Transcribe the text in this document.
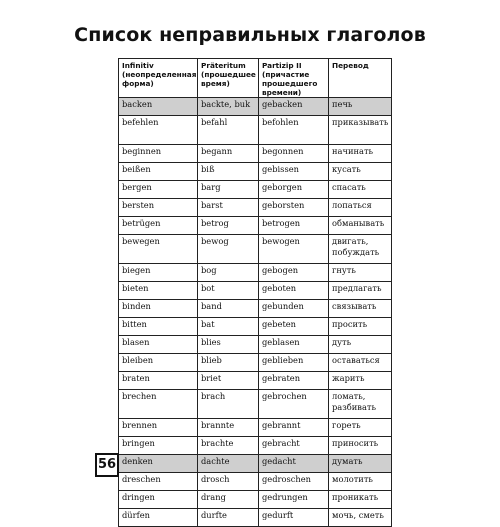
Список неправильных глаголов
Infinitiv (неопределенная форма)	Präteritum (прошедшее время)	Partizip II (причастие прошедшего времени)	Перевод
backen	backte, buk	gebacken	печь
befehlen	befahl	befohlen	приказывать
beginnen	begann	begonnen	начинать
beißen	biß	gebissen	кусать
bergen	barg	geborgen	спасать
bersten	barst	geborsten	лопаться
betrügen	betrog	betrogen	обманывать
bewegen	bewog	bewogen	двигать, побуждать
biegen	bog	gebogen	гнуть
bieten	bot	geboten	предлагать
binden	band	gebunden	связывать
bitten	bat	gebeten	просить
blasen	blies	geblasen	дуть
bleiben	blieb	geblieben	оставаться
braten	briet	gebraten	жарить
brechen	brach	gebrochen	ломать, разбивать
brennen	brannte	gebrannt	гореть
bringen	brachte	gebracht	приносить
denken	dachte	gedacht	думать
dreschen	drosch	gedroschen	молотить
dringen	drang	gedrungen	проникать
dürfen	durfte	gedurft	мочь, сметь
56
